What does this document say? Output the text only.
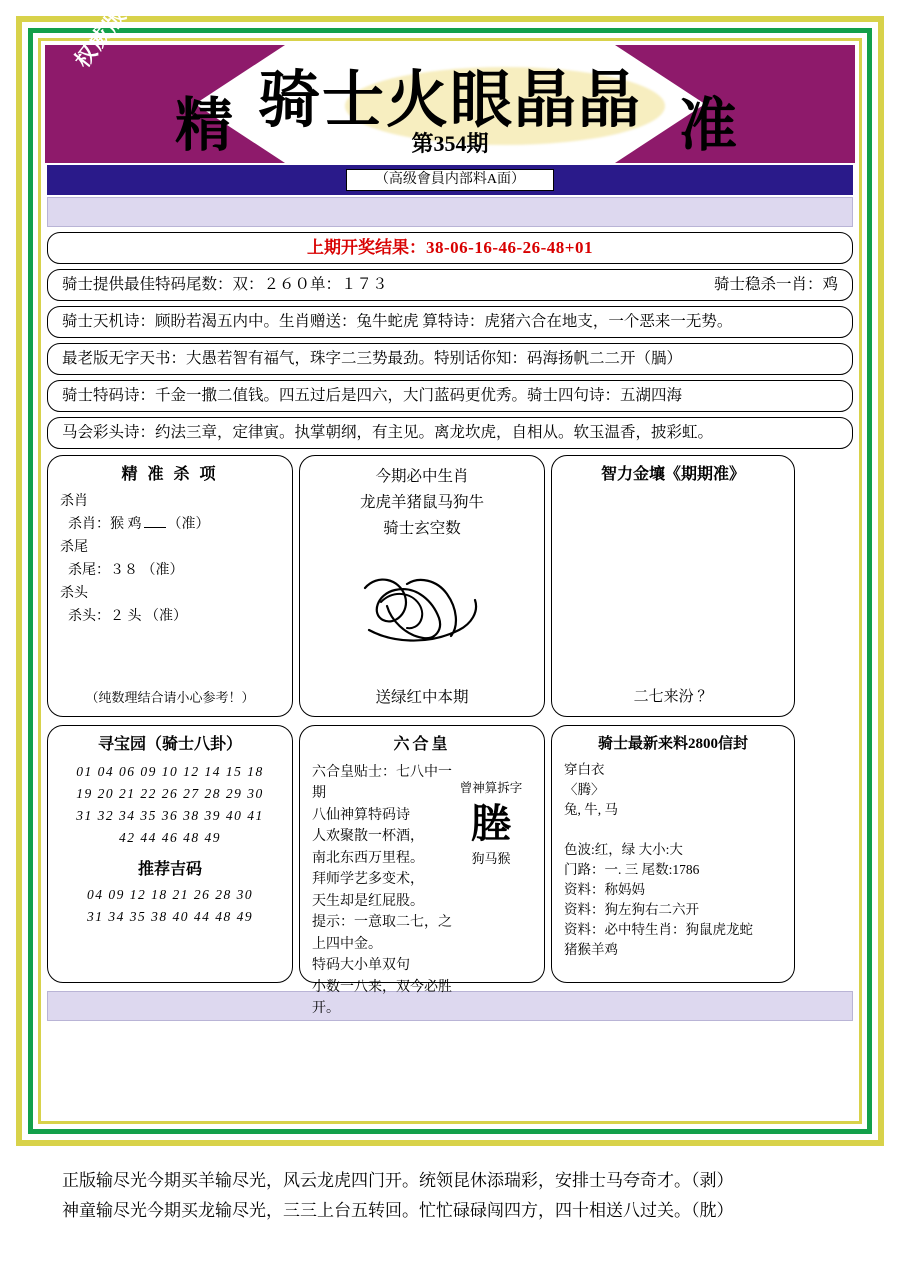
权威版
骑士火眼晶晶
精	准
第354期
（高级會員内部料A面）
上期开奖结果： 38-06-16-46-26-48+01
骑士提供最佳特码尾数：双：２６０单：１７３	骑士稳杀一肖：鸡
骑士天机诗：顾盼若渴五内中。生肖赠送：兔牛蛇虎 算特诗：虎猪六合在地支，一个恶来一无势。
最老版无字天书：大愚若智有福气，珠字二三势最劲。特别话你知：码海扬帆二二开（腡）
骑士特码诗：千金一撒二值钱。四五过后是四六，大门蓝码更优秀。骑士四句诗：五湖四海
马会彩头诗：约法三章，定律寅。执掌朝纲，有主见。离龙坎虎，自相从。软玉温香，披彩虹。
精 准 杀 项

杀肖

杀肖：猴 鸡 （准）

杀尾

杀尾：３８ （准）

杀头

杀头：２ 头 （准）

（纯数理结合请小心参考！）
寻宝园（骑士八卦）
01 04 06 09 10 12 14 15 18
19 20 21 22 26 27 28 29 30
31 32 34 35 36 38 39 40 41
42 44 46 48 49
推荐吉码
04 09 12 18 21 26 28 30
31 34 35 38 40 44 48 49
今期必中生肖
龙虎羊猪鼠马狗牛
骑士玄空数
送绿红中本期
六合皇
六合皇贴士：七八中一期
八仙神算特码诗
人欢聚散一杯酒，
南北东西万里程。
拜师学艺多变术，
天生却是红屁股。
提示：一意取二七，之上四中金。
特码大小单双句
小数一八来，双今必胜开。
曾神算拆字
塍
狗马猴
智力金壤《期期准》
二七来汾 ？
骑士最新来料2800信封

穿白衣

〈腾〉

兔, 牛, 马

色波:红，绿 大小:大

门路：一. 三 尾数:1786

资料：称妈妈

资料：狗左狗右二六开

资料：必中特生肖：狗鼠虎龙蛇

猪猴羊鸡

正版输尽光今期买羊输尽光，风云龙虎四门开。统领昆休添瑞彩，安排士马夸奇才。（剥）

神童输尽光今期买龙输尽光，三三上台五转回。忙忙碌碌闯四方，四十相送八过关。（䏙）
